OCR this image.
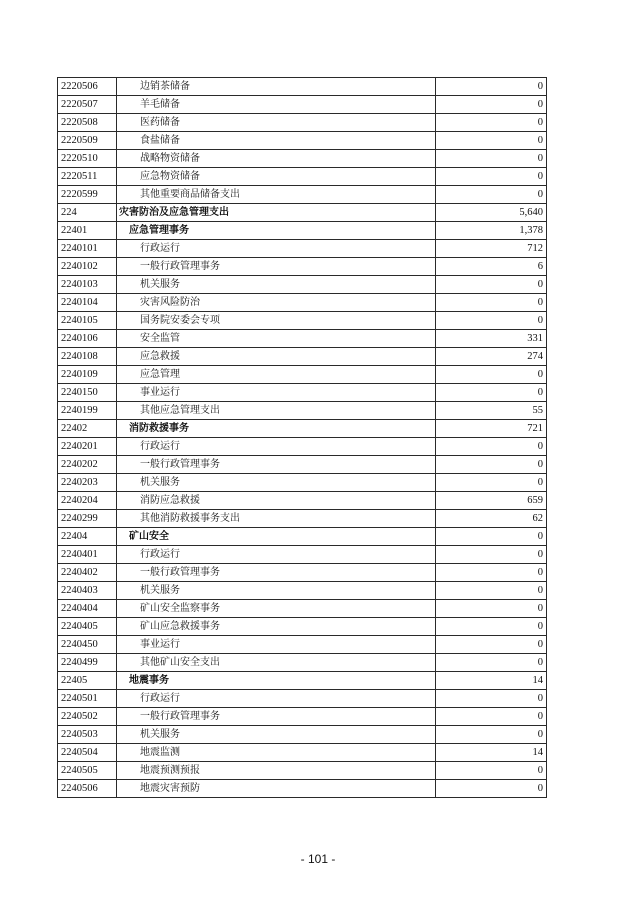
2220506	边销茶储备	0
2220507	羊毛储备	0
2220508	医药储备	0
2220509	食盐储备	0
2220510	战略物资储备	0
2220511	应急物资储备	0
2220599	其他重要商品储备支出	0
224	灾害防治及应急管理支出	5,640
22401	应急管理事务	1,378
2240101	行政运行	712
2240102	一般行政管理事务	6
2240103	机关服务	0
2240104	灾害风险防治	0
2240105	国务院安委会专项	0
2240106	安全监管	331
2240108	应急救援	274
2240109	应急管理	0
2240150	事业运行	0
2240199	其他应急管理支出	55
22402	消防救援事务	721
2240201	行政运行	0
2240202	一般行政管理事务	0
2240203	机关服务	0
2240204	消防应急救援	659
2240299	其他消防救援事务支出	62
22404	矿山安全	0
2240401	行政运行	0
2240402	一般行政管理事务	0
2240403	机关服务	0
2240404	矿山安全监察事务	0
2240405	矿山应急救援事务	0
2240450	事业运行	0
2240499	其他矿山安全支出	0
22405	地震事务	14
2240501	行政运行	0
2240502	一般行政管理事务	0
2240503	机关服务	0
2240504	地震监测	14
2240505	地震预测预报	0
2240506	地震灾害预防	0
- 101 -
